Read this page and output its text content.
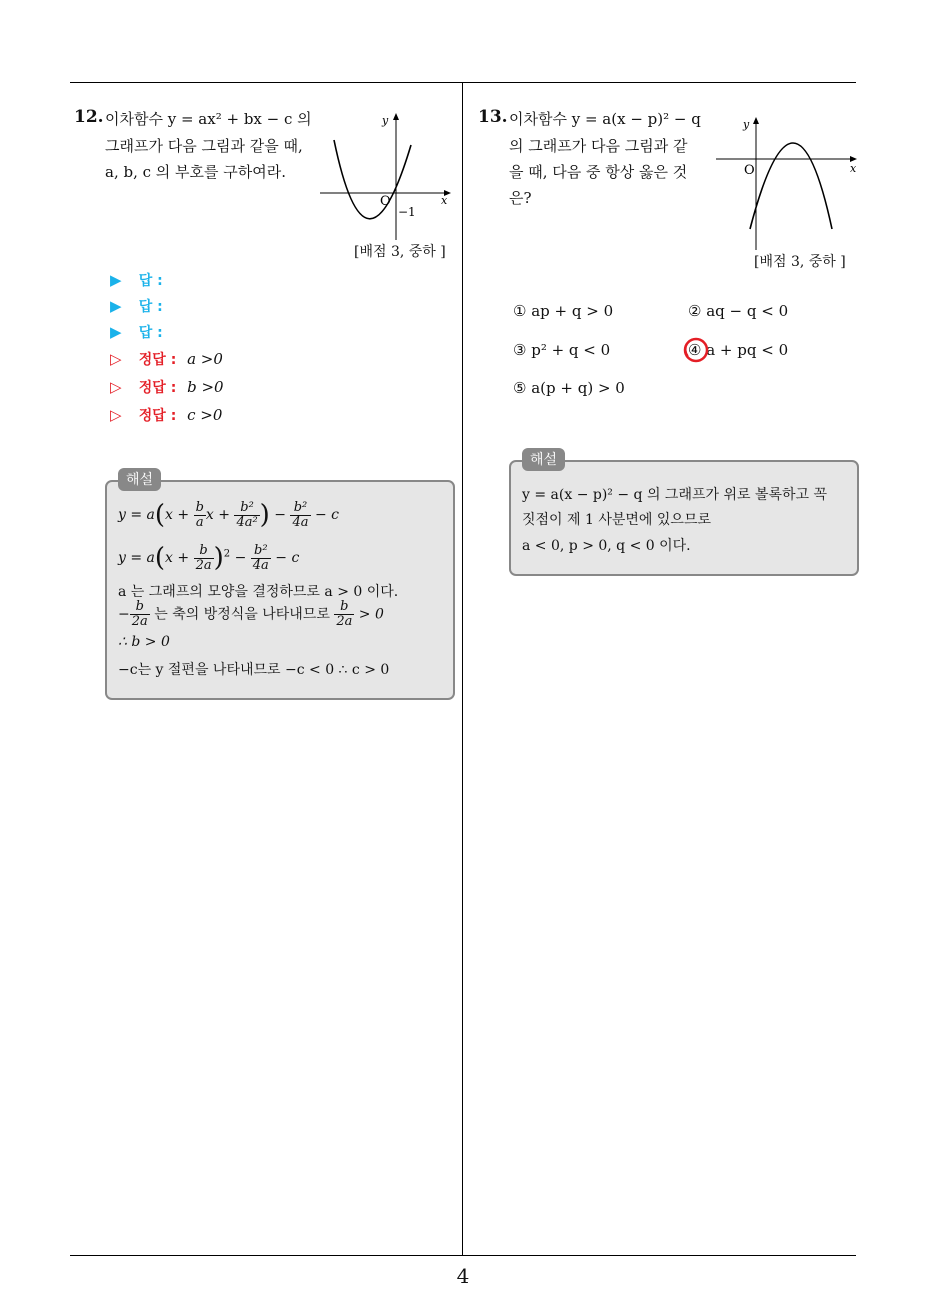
12. 이차함수 y = ax² + bx − c 의
그래프가 다음 그림과 같을 때,
a, b, c 의 부호를 구하여라.
y
x
O
−1
[배점 3, 중하 ]
▶ 답 :
▶ 답 :
▶ 답 :
▷ 정답 : a >0
▷ 정답 : b >0
▷ 정답 : c >0
해설
$y = a(x + \frac{b}{a}$ $x + \frac{\text{b²}}{\text{4a²}}$ ) − $\frac{\text{b²}}{4a} - c$
$y = a(x + \frac{b}{2a} )^2 - \frac{\text{b²}}{4a} - c$
a 는 그래프의 모양을 결정하므로 a > 0 이다.
− $\frac{b}{2a}$ 는 축의 방정식을 나타내므로 $\frac{b}{2a} > 0$
∴ b > 0
−c는 y 절편을 나타내므로 −c < 0 ∴ c > 0
13. 이차함수 y = a(x − p)² − q
의 그래프가 다음 그림과 같
을 때, 다음 중 항상 옳은 것
은?
y
x
O
[배점 3, 중하 ]
① ap + q > 0	② aq − q < 0
③ p² + q < 0	④ a + pq < 0
⑤ a(p + q) > 0
해설
y = a(x − p)² − q 의 그래프가 위로 볼록하고 꼭
짓점이 제 1 사분면에 있으므로
a < 0, p > 0, q < 0 이다.
4
